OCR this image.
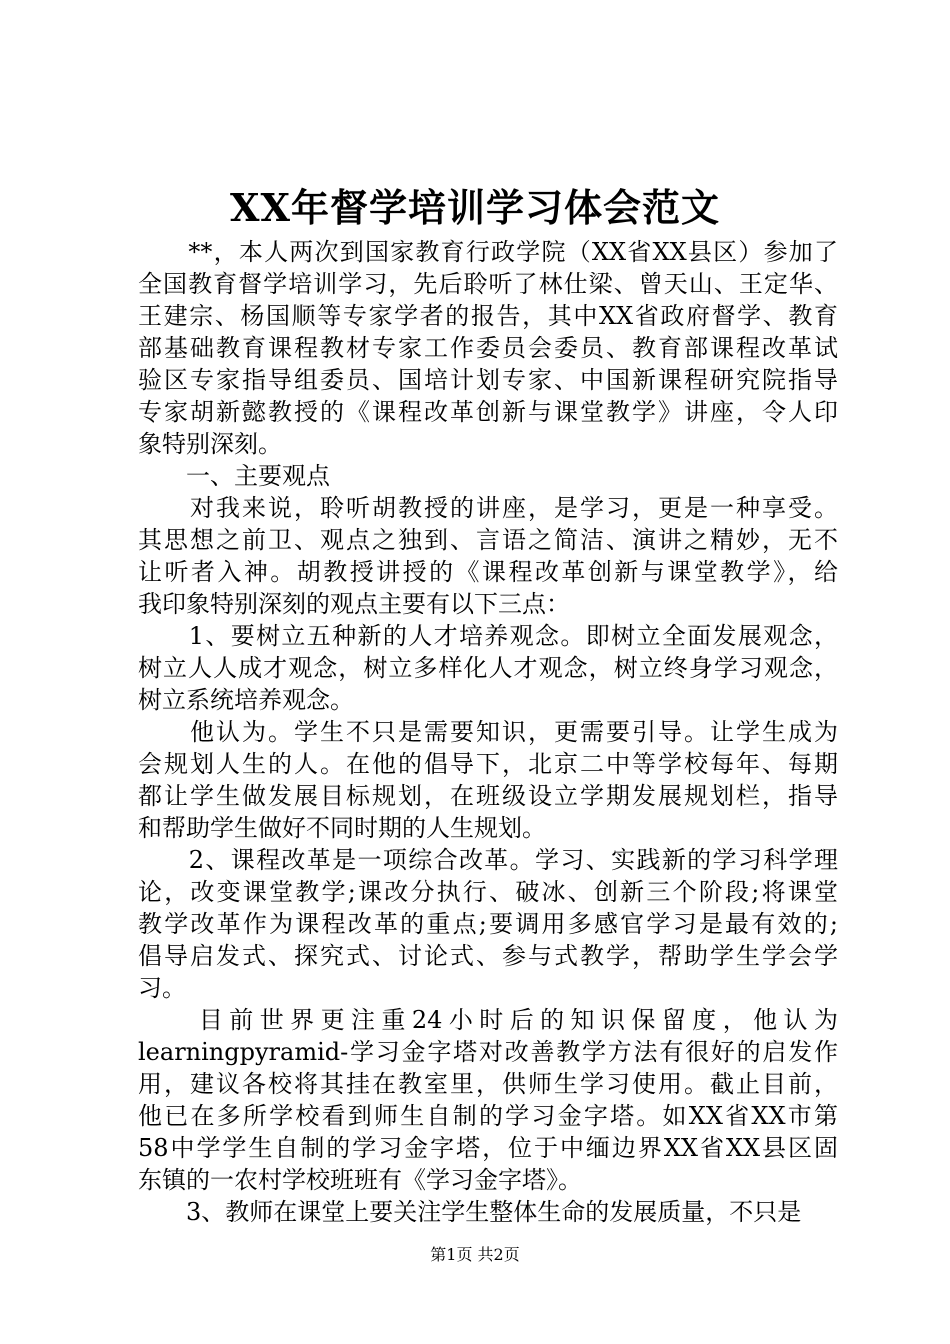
XX年督学培训学习体会范文
　　**，本人两次到国家教育行政学院（XX省XX县区）参加了
全国教育督学培训学习，先后聆听了林仕梁、曾天山、王定华、
王建宗、杨国顺等专家学者的报告，其中XX省政府督学、教育
部基础教育课程教材专家工作委员会委员、教育部课程改革试
验区专家指导组委员、国培计划专家、中国新课程研究院指导
专家胡新懿教授的《课程改革创新与课堂教学》讲座，令人印
象特别深刻。
　　一、主要观点
　　对我来说，聆听胡教授的讲座，是学习，更是一种享受。
其思想之前卫、观点之独到、言语之简洁、演讲之精妙，无不
让听者入神。胡教授讲授的《课程改革创新与课堂教学》，给
我印象特别深刻的观点主要有以下三点：
　　1、要树立五种新的人才培养观念。即树立全面发展观念，
树立人人成才观念，树立多样化人才观念，树立终身学习观念，
树立系统培养观念。
　　他认为。学生不只是需要知识，更需要引导。让学生成为
会规划人生的人。在他的倡导下，北京二中等学校每年、每期
都让学生做发展目标规划，在班级设立学期发展规划栏，指导
和帮助学生做好不同时期的人生规划。
　　2、课程改革是一项综合改革。学习、实践新的学习科学理
论，改变课堂教学;课改分执行、破冰、创新三个阶段;将课堂
教学改革作为课程改革的重点;要调用多感官学习是最有效的;
倡导启发式、探究式、讨论式、参与式教学，帮助学生学会学
习。
　　目前世界更注重24小时后的知识保留度，他认为
learningpyramid-学习金字塔对改善教学方法有很好的启发作
用，建议各校将其挂在教室里，供师生学习使用。截止目前，
他已在多所学校看到师生自制的学习金字塔。如XX省XX市第
58中学学生自制的学习金字塔，位于中缅边界XX省XX县区固
东镇的一农村学校班班有《学习金字塔》。
　　3、教师在课堂上要关注学生整体生命的发展质量，不只是
第1页 共2页
